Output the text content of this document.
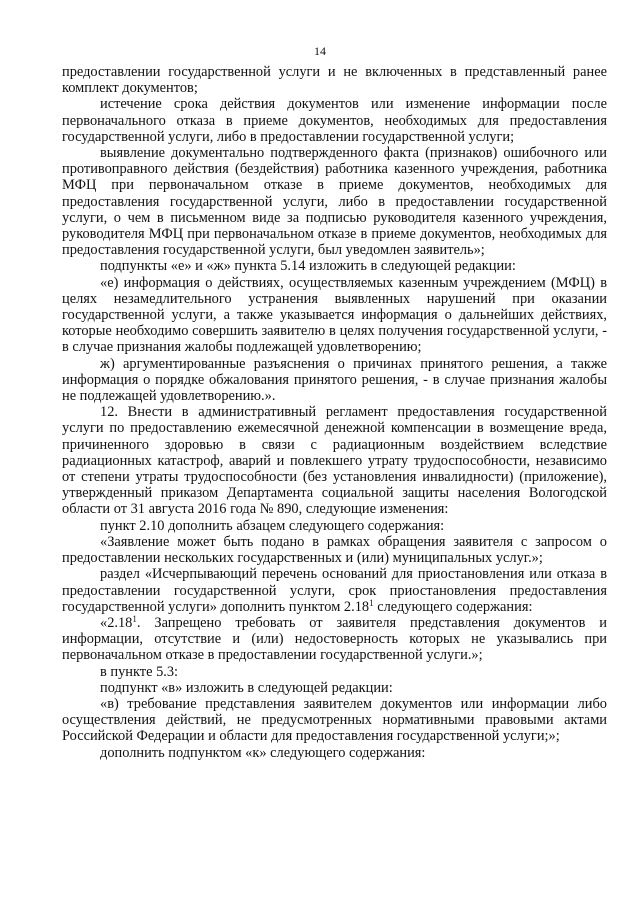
14

предоставлении государственной услуги и не включенных в представленный ранее комплект документов;

истечение срока действия документов или изменение информации после первоначального отказа в приеме документов, необходимых для предоставления государственной услуги, либо в предоставлении государственной услуги;

выявление документально подтвержденного факта (признаков) ошибочного или противоправного действия (бездействия) работника казенного учреждения, работника МФЦ при первоначальном отказе в приеме документов, необходимых для предоставления государственной услуги, либо в предоставлении государственной услуги, о чем в письменном виде за подписью руководителя казенного учреждения, руководителя МФЦ при первоначальном отказе в приеме документов, необходимых для предоставления государственной услуги, был уведомлен заявитель»;

подпункты «е» и «ж» пункта 5.14 изложить в следующей редакции:

«е) информация о действиях, осуществляемых казенным учреждением (МФЦ) в целях незамедлительного устранения выявленных нарушений при оказании государственной услуги, а также указывается информация о дальнейших действиях, которые необходимо совершить заявителю в целях получения государственной услуги, - в случае признания жалобы подлежащей удовлетворению;

ж) аргументированные разъяснения о причинах принятого решения, а также информация о порядке обжалования принятого решения, - в случае признания жалобы не подлежащей удовлетворению.».

12. Внести в административный регламент предоставления государственной услуги по предоставлению ежемесячной денежной компенсации в возмещение вреда, причиненного здоровью в связи с радиационным воздействием вследствие радиационных катастроф, аварий и повлекшего утрату трудоспособности, независимо от степени утраты трудоспособности (без установления инвалидности) (приложение), утвержденный приказом Департамента социальной защиты населения Вологодской области от 31 августа 2016 года № 890, следующие изменения:

пункт 2.10 дополнить абзацем следующего содержания:

«Заявление может быть подано в рамках обращения заявителя с запросом о предоставлении нескольких государственных и (или) муниципальных услуг.»;

раздел «Исчерпывающий перечень оснований для приостановления или отказа в предоставлении государственной услуги, срок приостановления предоставления государственной услуги» дополнить пунктом 2.18$^1$ следующего содержания:

«2.18$^1$. Запрещено требовать от заявителя представления документов и информации, отсутствие и (или) недостоверность которых не указывались при первоначальном отказе в предоставлении государственной услуги.»;

в пункте 5.3:

подпункт «в» изложить в следующей редакции:

«в) требование представления заявителем документов или информации либо осуществления действий, не предусмотренных нормативными правовыми актами Российской Федерации и области для предоставления государственной услуги;»;

дополнить подпунктом «к» следующего содержания:
